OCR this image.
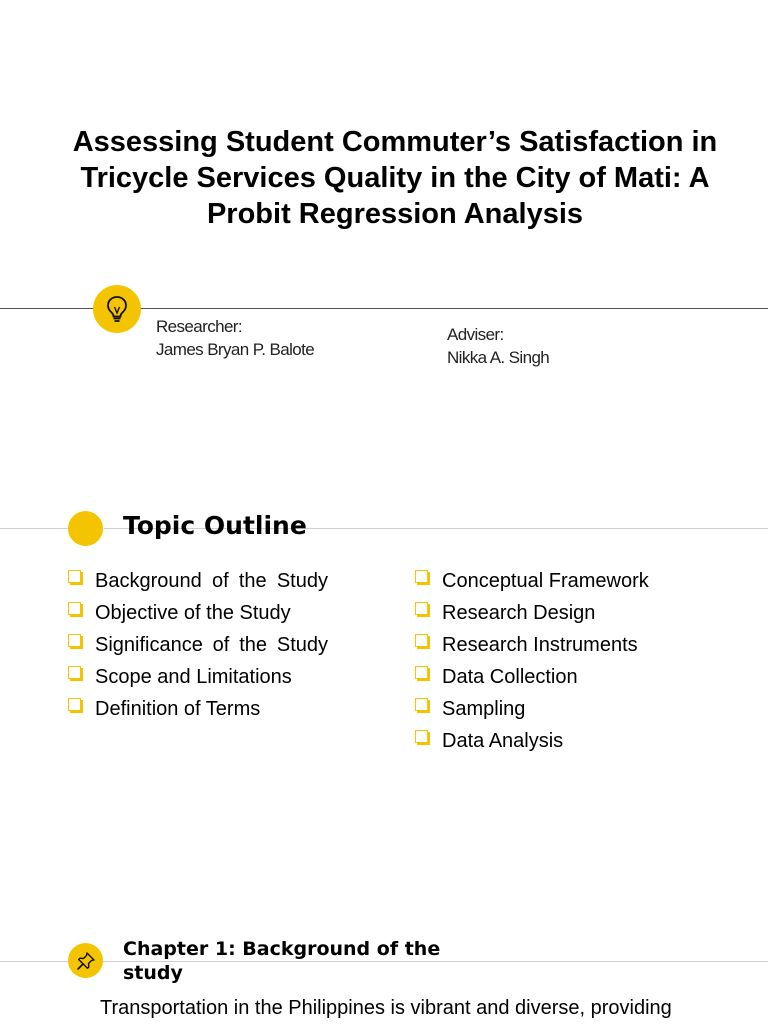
Assessing Student Commuter’s Satisfaction in Tricycle Services Quality in the City of Mati: A Probit Regression Analysis
Researcher:
James Bryan P. Balote
Adviser:
Nikka A. Singh
Topic Outline
Background of the Study
Objective of the Study
Significance of the Study
Scope and Limitations
Definition of Terms
Conceptual Framework
Research Design
Research Instruments
Data Collection
Sampling
Data Analysis
Chapter 1: Background of the study
Transportation in the Philippines is vibrant and diverse, providing
